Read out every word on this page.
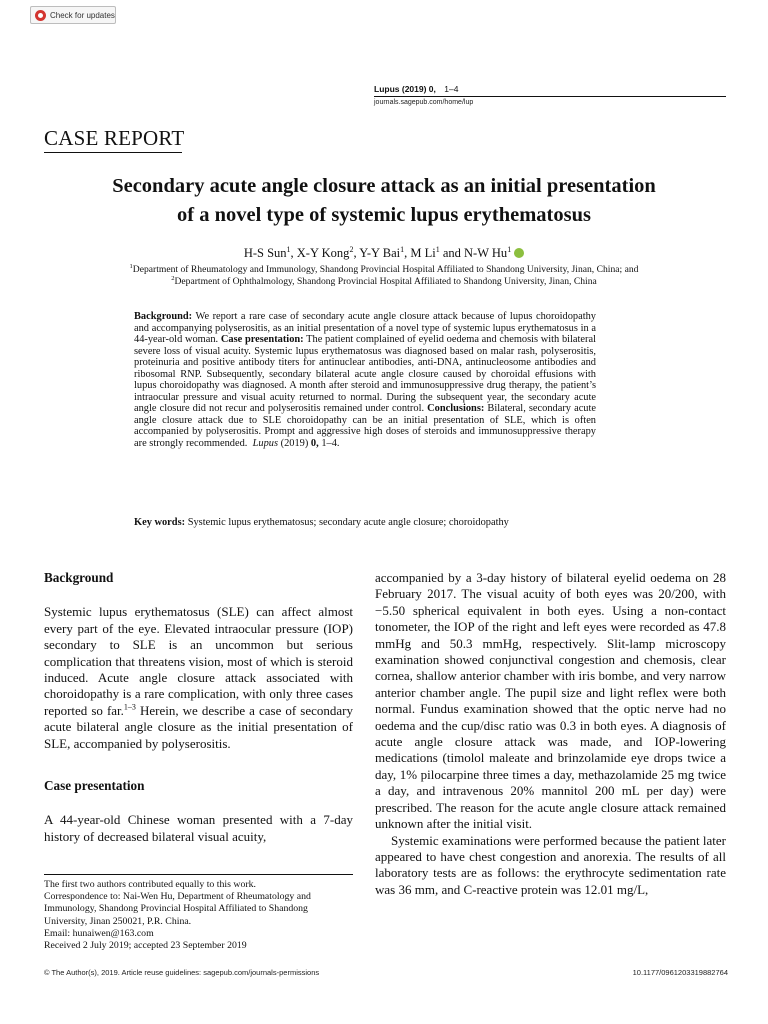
Check for updates
Lupus (2019) 0, 1–4
journals.sagepub.com/home/lup
CASE REPORT
Secondary acute angle closure attack as an initial presentation
of a novel type of systemic lupus erythematosus
H-S Sun$^1$, X-Y Kong$^2$, Y-Y Bai$^1$, M Li$^1$ and N-W Hu$^1$
$^1$Department of Rheumatology and Immunology, Shandong Provincial Hospital Affiliated to Shandong University, Jinan, China; and
$^2$Department of Ophthalmology, Shandong Provincial Hospital Affiliated to Shandong University, Jinan, China
Background: We report a rare case of secondary acute angle closure attack because of lupus choroidopathy and accompanying polyserositis, as an initial presentation of a novel type of systemic lupus erythematosus in a 44-year-old woman. Case presentation: The patient complained of eyelid oedema and chemosis with bilateral severe loss of visual acuity. Systemic lupus erythematosus was diagnosed based on malar rash, polyserositis, proteinuria and positive antibody titers for antinuclear antibodies, anti-DNA, antinucleosome antibodies and ribosomal RNP. Subsequently, secondary bilateral acute angle closure caused by choroidal effusions with lupus choroidopathy was diagnosed. A month after steroid and immunosuppressive drug therapy, the patient’s intraocular pressure and visual acuity returned to normal. During the subsequent year, the secondary acute angle closure did not recur and polyserositis remained under control. Conclusions: Bilateral, secondary acute angle closure attack due to SLE choroidopathy can be an initial presentation of SLE, which is often accompanied by polyserositis. Prompt and aggressive high doses of steroids and immunosuppressive therapy are strongly recommended. Lupus (2019) 0, 1–4.
Key words: Systemic lupus erythematosus; secondary acute angle closure; choroidopathy
Background

Systemic lupus erythematosus (SLE) can affect almost every part of the eye. Elevated intraocular pressure (IOP) secondary to SLE is an uncommon but serious complication that threatens vision, most of which is steroid induced. Acute angle closure attack associated with choroidopathy is a rare complication, with only three cases reported so far.$^{1-3}$ Herein, we describe a case of secondary acute bilateral angle closure as the initial presentation of SLE, accompanied by polyserositis.

Case presentation

A 44-year-old Chinese woman presented with a 7-day history of decreased bilateral visual acuity,

accompanied by a 3-day history of bilateral eyelid oedema on 28 February 2017. The visual acuity of both eyes was 20/200, with −5.50 spherical equivalent in both eyes. Using a non-contact tonometer, the IOP of the right and left eyes were recorded as 47.8 mmHg and 50.3 mmHg, respectively. Slit-lamp microscopy examination showed conjunctival congestion and chemosis, clear cornea, shallow anterior chamber with iris bombe, and very narrow anterior chamber angle. The pupil size and light reflex were both normal. Fundus examination showed that the optic nerve had no oedema and the cup/disc ratio was 0.3 in both eyes. A diagnosis of acute angle closure attack was made, and IOP-lowering medications (timolol maleate and brinzolamide eye drops twice a day, 1% pilocarpine three times a day, methazolamide 25 mg twice a day, and intravenous 20% mannitol 200 mL per day) were prescribed. The reason for the acute angle closure attack remained unknown after the initial visit.

Systemic examinations were performed because the patient later appeared to have chest congestion and anorexia. The results of all laboratory tests are as follows: the erythrocyte sedimentation rate was 36 mm, and C-reactive protein was 12.01 mg/L,

The first two authors contributed equally to this work.

Correspondence to: Nai-Wen Hu, Department of Rheumatology and Immunology, Shandong Provincial Hospital Affiliated to Shandong University, Jinan 250021, P.R. China.

Email: hunaiwen@163.com

Received 2 July 2019; accepted 23 September 2019

© The Author(s), 2019. Article reuse guidelines: sagepub.com/journals-permissions	10.1177/0961203319882764
